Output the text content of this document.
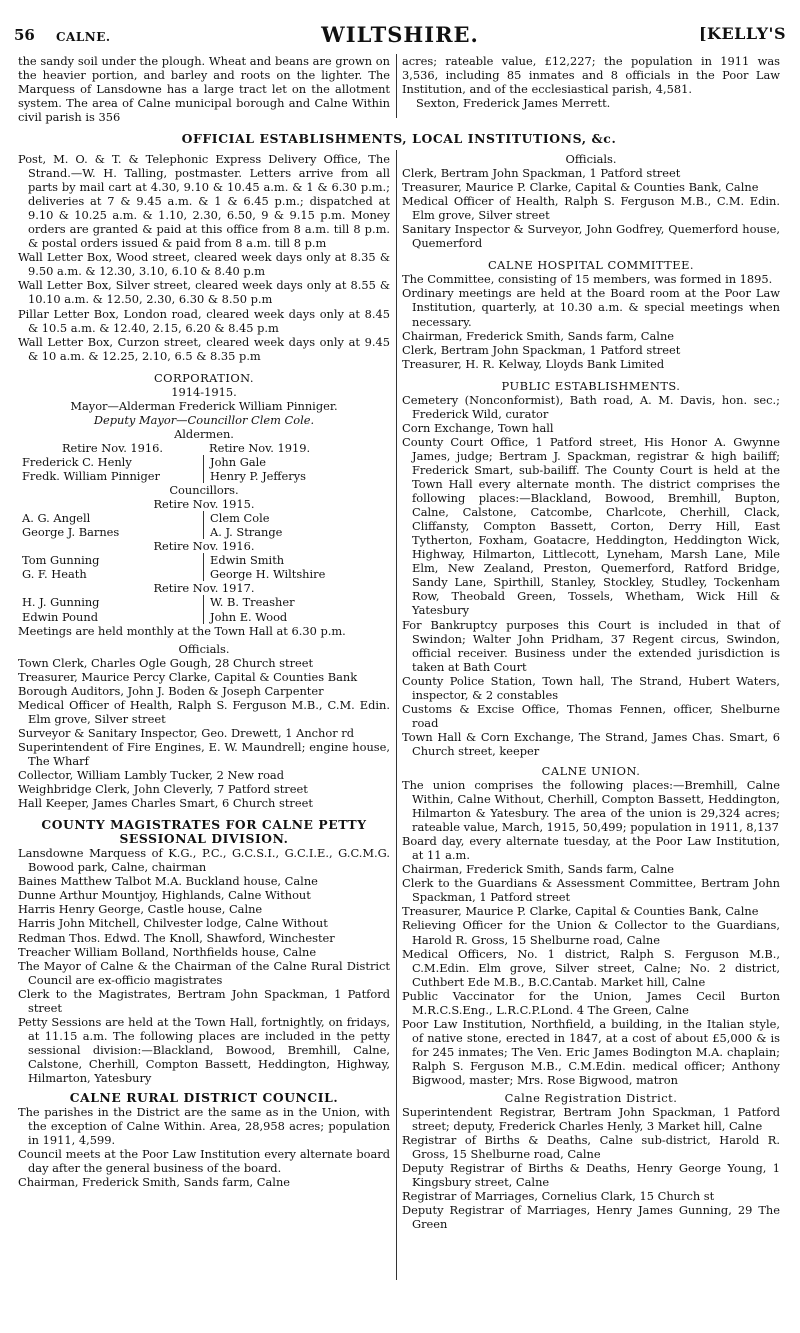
56 CALNE.	WILTSHIRE.	[KELLY'S

the sandy soil under the plough. Wheat and beans are grown on the heavier portion, and barley and roots on the lighter. The Marquess of Lansdowne has a large tract let on the allotment system. The area of Calne municipal borough and Calne Within civil parish is 356

acres; rateable value, £12,227; the population in 1911 was 3,536, including 85 inmates and 8 officials in the Poor Law Institution, and of the ecclesiastical parish, 4,581.

Sexton, Frederick James Merrett.

OFFICIAL ESTABLISHMENTS, LOCAL INSTITUTIONS, &c.

Post, M. O. & T. & Telephonic Express Delivery Office, The Strand.—W. H. Talling, postmaster. Letters arrive from all parts by mail cart at 4.30, 9.10 & 10.45 a.m. & 1 & 6.30 p.m.; deliveries at 7 & 9.45 a.m. & 1 & 6.45 p.m.; dispatched at 9.10 & 10.25 a.m. & 1.10, 2.30, 6.50, 9 & 9.15 p.m. Money orders are granted & paid at this office from 8 a.m. till 8 p.m. & postal orders issued & paid from 8 a.m. till 8 p.m

Wall Letter Box, Wood street, cleared week days only at 8.35 & 9.50 a.m. & 12.30, 3.10, 6.10 & 8.40 p.m

Wall Letter Box, Silver street, cleared week days only at 8.55 & 10.10 a.m. & 12.50, 2.30, 6.30 & 8.50 p.m

Pillar Letter Box, London road, cleared week days only at 8.45 & 10.5 a.m. & 12.40, 2.15, 6.20 & 8.45 p.m

Wall Letter Box, Curzon street, cleared week days only at 9.45 & 10 a.m. & 12.25, 2.10, 6.5 & 8.35 p.m

CORPORATION.

1914-1915.

Mayor—Alderman Frederick William Pinniger.

Deputy Mayor—Councillor Clem Cole.

Aldermen.

Retire Nov. 1916.	Retire Nov. 1919.
Frederick C. Henly	John Gale
Fredk. William Pinniger	Henry P. Jefferys

Councillors.

Retire Nov. 1915.

A. G. Angell	Clem Cole
George J. Barnes	A. J. Strange

Retire Nov. 1916.

Tom Gunning	Edwin Smith
G. F. Heath	George H. Wiltshire

Retire Nov. 1917.

H. J. Gunning	W. B. Treasher
Edwin Pound	John E. Wood

Meetings are held monthly at the Town Hall at 6.30 p.m.

Officials.

Town Clerk, Charles Ogle Gough, 28 Church street

Treasurer, Maurice Percy Clarke, Capital & Counties Bank

Borough Auditors, John J. Boden & Joseph Carpenter

Medical Officer of Health, Ralph S. Ferguson M.B., C.M. Edin. Elm grove, Silver street

Surveyor & Sanitary Inspector, Geo. Drewett, 1 Anchor rd

Superintendent of Fire Engines, E. W. Maundrell; engine house, The Wharf

Collector, William Lambly Tucker, 2 New road

Weighbridge Clerk, John Cleverly, 7 Patford street

Hall Keeper, James Charles Smart, 6 Church street

COUNTY MAGISTRATES FOR CALNE PETTY

SESSIONAL DIVISION.

Lansdowne Marquess of K.G., P.C., G.C.S.I., G.C.I.E., G.C.M.G. Bowood park, Calne, chairman

Baines Matthew Talbot M.A. Buckland house, Calne

Dunne Arthur Mountjoy, Highlands, Calne Without

Harris Henry George, Castle house, Calne

Harris John Mitchell, Chilvester lodge, Calne Without

Redman Thos. Edwd. The Knoll, Shawford, Winchester

Treacher William Bolland, Northfields house, Calne

The Mayor of Calne & the Chairman of the Calne Rural District Council are ex-officio magistrates

Clerk to the Magistrates, Bertram John Spackman, 1 Patford street

Petty Sessions are held at the Town Hall, fortnightly, on fridays, at 11.15 a.m. The following places are included in the petty sessional division:—Blackland, Bowood, Bremhill, Calne, Calstone, Cherhill, Compton Bassett, Heddington, Highway, Hilmarton, Yatesbury

CALNE RURAL DISTRICT COUNCIL.

The parishes in the District are the same as in the Union, with the exception of Calne Within. Area, 28,958 acres; population in 1911, 4,599.

Council meets at the Poor Law Institution every alternate board day after the general business of the board.

Chairman, Frederick Smith, Sands farm, Calne

Officials.

Clerk, Bertram John Spackman, 1 Patford street

Treasurer, Maurice P. Clarke, Capital & Counties Bank, Calne

Medical Officer of Health, Ralph S. Ferguson M.B., C.M. Edin. Elm grove, Silver street

Sanitary Inspector & Surveyor, John Godfrey, Quemerford house, Quemerford

CALNE HOSPITAL COMMITTEE.

The Committee, consisting of 15 members, was formed in 1895.

Ordinary meetings are held at the Board room at the Poor Law Institution, quarterly, at 10.30 a.m. & special meetings when necessary.

Chairman, Frederick Smith, Sands farm, Calne

Clerk, Bertram John Spackman, 1 Patford street

Treasurer, H. R. Kelway, Lloyds Bank Limited

PUBLIC ESTABLISHMENTS.

Cemetery (Nonconformist), Bath road, A. M. Davis, hon. sec.; Frederick Wild, curator

Corn Exchange, Town hall

County Court Office, 1 Patford street, His Honor A. Gwynne James, judge; Bertram J. Spackman, registrar & high bailiff; Frederick Smart, sub-bailiff. The County Court is held at the Town Hall every alternate month. The district comprises the following places:—Blackland, Bowood, Bremhill, Bupton, Calne, Calstone, Catcombe, Charlcote, Cherhill, Clack, Cliffansty, Compton Bassett, Corton, Derry Hill, East Tytherton, Foxham, Goatacre, Heddington, Heddington Wick, Highway, Hilmarton, Littlecott, Lyneham, Marsh Lane, Mile Elm, New Zealand, Preston, Quemerford, Ratford Bridge, Sandy Lane, Spirthill, Stanley, Stockley, Studley, Tockenham Row, Theobald Green, Tossels, Whetham, Wick Hill & Yatesbury

For Bankruptcy purposes this Court is included in that of Swindon; Walter John Pridham, 37 Regent circus, Swindon, official receiver. Business under the extended jurisdiction is taken at Bath Court

County Police Station, Town hall, The Strand, Hubert Waters, inspector, & 2 constables

Customs & Excise Office, Thomas Fennen, officer, Shelburne road

Town Hall & Corn Exchange, The Strand, James Chas. Smart, 6 Church street, keeper

CALNE UNION.

The union comprises the following places:—Bremhill, Calne Within, Calne Without, Cherhill, Compton Bassett, Heddington, Hilmarton & Yatesbury. The area of the union is 29,324 acres; rateable value, March, 1915, 50,499; population in 1911, 8,137

Board day, every alternate tuesday, at the Poor Law Institution, at 11 a.m.

Chairman, Frederick Smith, Sands farm, Calne

Clerk to the Guardians & Assessment Committee, Bertram John Spackman, 1 Patford street

Treasurer, Maurice P. Clarke, Capital & Counties Bank, Calne

Relieving Officer for the Union & Collector to the Guardians, Harold R. Gross, 15 Shelburne road, Calne

Medical Officers, No. 1 district, Ralph S. Ferguson M.B., C.M.Edin. Elm grove, Silver street, Calne; No. 2 district, Cuthbert Ede M.B., B.C.Cantab. Market hill, Calne

Public Vaccinator for the Union, James Cecil Burton M.R.C.S.Eng., L.R.C.P.Lond. 4 The Green, Calne

Poor Law Institution, Northfield, a building, in the Italian style, of native stone, erected in 1847, at a cost of about £5,000 & is for 245 inmates; The Ven. Eric James Bodington M.A. chaplain; Ralph S. Ferguson M.B., C.M.Edin. medical officer; Anthony Bigwood, master; Mrs. Rose Bigwood, matron

Calne Registration District.

Superintendent Registrar, Bertram John Spackman, 1 Patford street; deputy, Frederick Charles Henly, 3 Market hill, Calne

Registrar of Births & Deaths, Calne sub-district, Harold R. Gross, 15 Shelburne road, Calne

Deputy Registrar of Births & Deaths, Henry George Young, 1 Kingsbury street, Calne

Registrar of Marriages, Cornelius Clark, 15 Church st

Deputy Registrar of Marriages, Henry James Gunning, 29 The Green
